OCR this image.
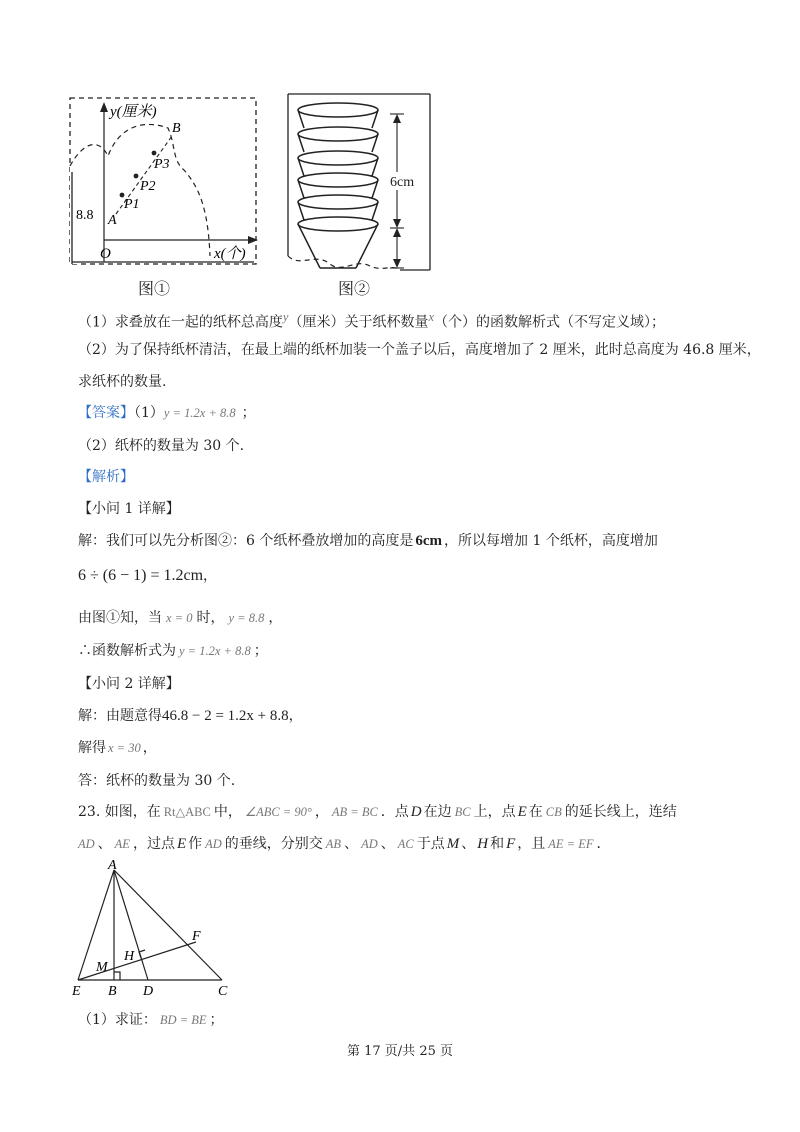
y(厘米)
x(个)
O
8.8 A
P1
P2
P3
B
图①
6cm
图②
（1）求叠放在一起的纸杯总高度$^y$（厘米）关于纸杯数量$^x$（个）的函数解析式（不写定义域）；
（2）为了保持纸杯清洁，在最上端的纸杯加装一个盖子以后，高度增加了 2 厘米，此时总高度为 46.8 厘米，
求纸杯的数量.
【答案】（1）y = 1.2x + 8.8 ；
（2）纸杯的数量为 30 个.
【解析】
【小问 1 详解】
解：我们可以先分析图②：6 个纸杯叠放增加的高度是 6cm ，所以每增加 1 个纸杯，高度增加
6 ÷ (6 − 1) = 1.2cm，
由图①知，当 x = 0 时， y = 8.8 ，
∴函数解析式为 y = 1.2x + 8.8 ；
【小问 2 详解】
解：由题意得46.8 − 2 = 1.2x + 8.8，
解得 x = 30 ，
答：纸杯的数量为 30 个.
23. 如图，在 Rt△ABC 中， ∠ABC = 90° ， AB = BC ．点 D 在边 BC 上，点 E 在 CB 的延长线上，连结
AD 、 AE ，过点 E 作 AD 的垂线，分别交 AB 、 AD 、 AC 于点 M 、 H 和 F ，且 AE = EF ．
A
F
M
H
E B D	C
（1）求证： BD = BE ；
第 17 页/共 25 页
